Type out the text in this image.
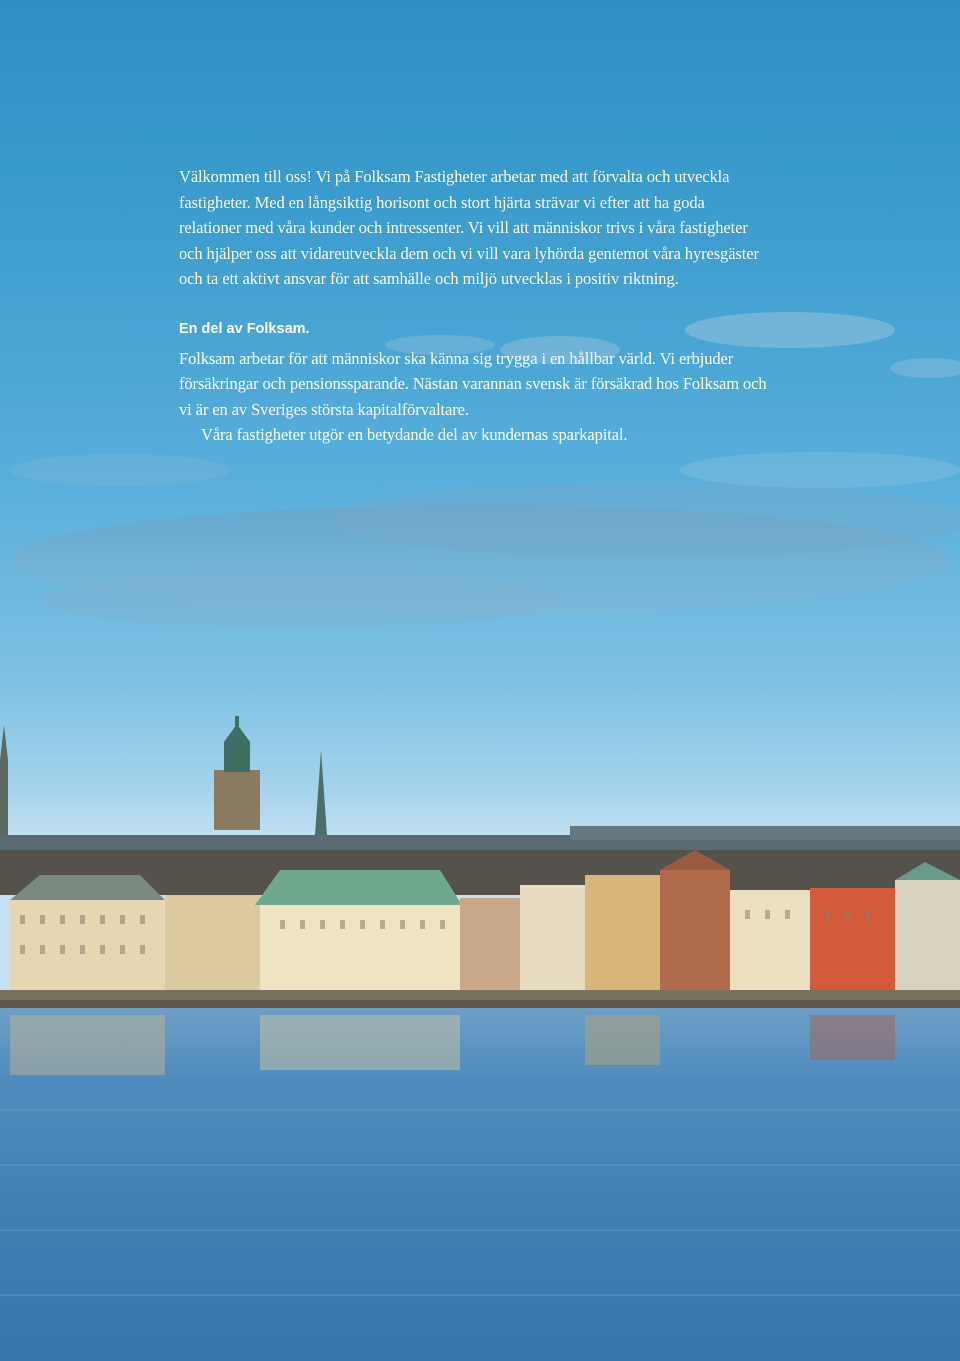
Välkommen till oss! Vi på Folksam Fastigheter arbetar med att förvalta och utveckla fastigheter. Med en långsiktig horisont och stort hjärta strävar vi efter att ha goda relationer med våra kunder och intressenter. Vi vill att människor trivs i våra fastigheter och hjälper oss att vidareutveckla dem och vi vill vara lyhörda gentemot våra hyresgäster och ta ett aktivt ansvar för att samhälle och miljö utvecklas i positiv riktning.

En del av Folksam.

Folksam arbetar för att människor ska känna sig trygga i en hållbar värld. Vi erbjuder försäkringar och pensionssparande. Nästan varannan svensk är försäkrad hos Folksam och vi är en av Sveriges största kapitalförvaltare.
Våra fastigheter utgör en betydande del av kundernas sparkapital.
